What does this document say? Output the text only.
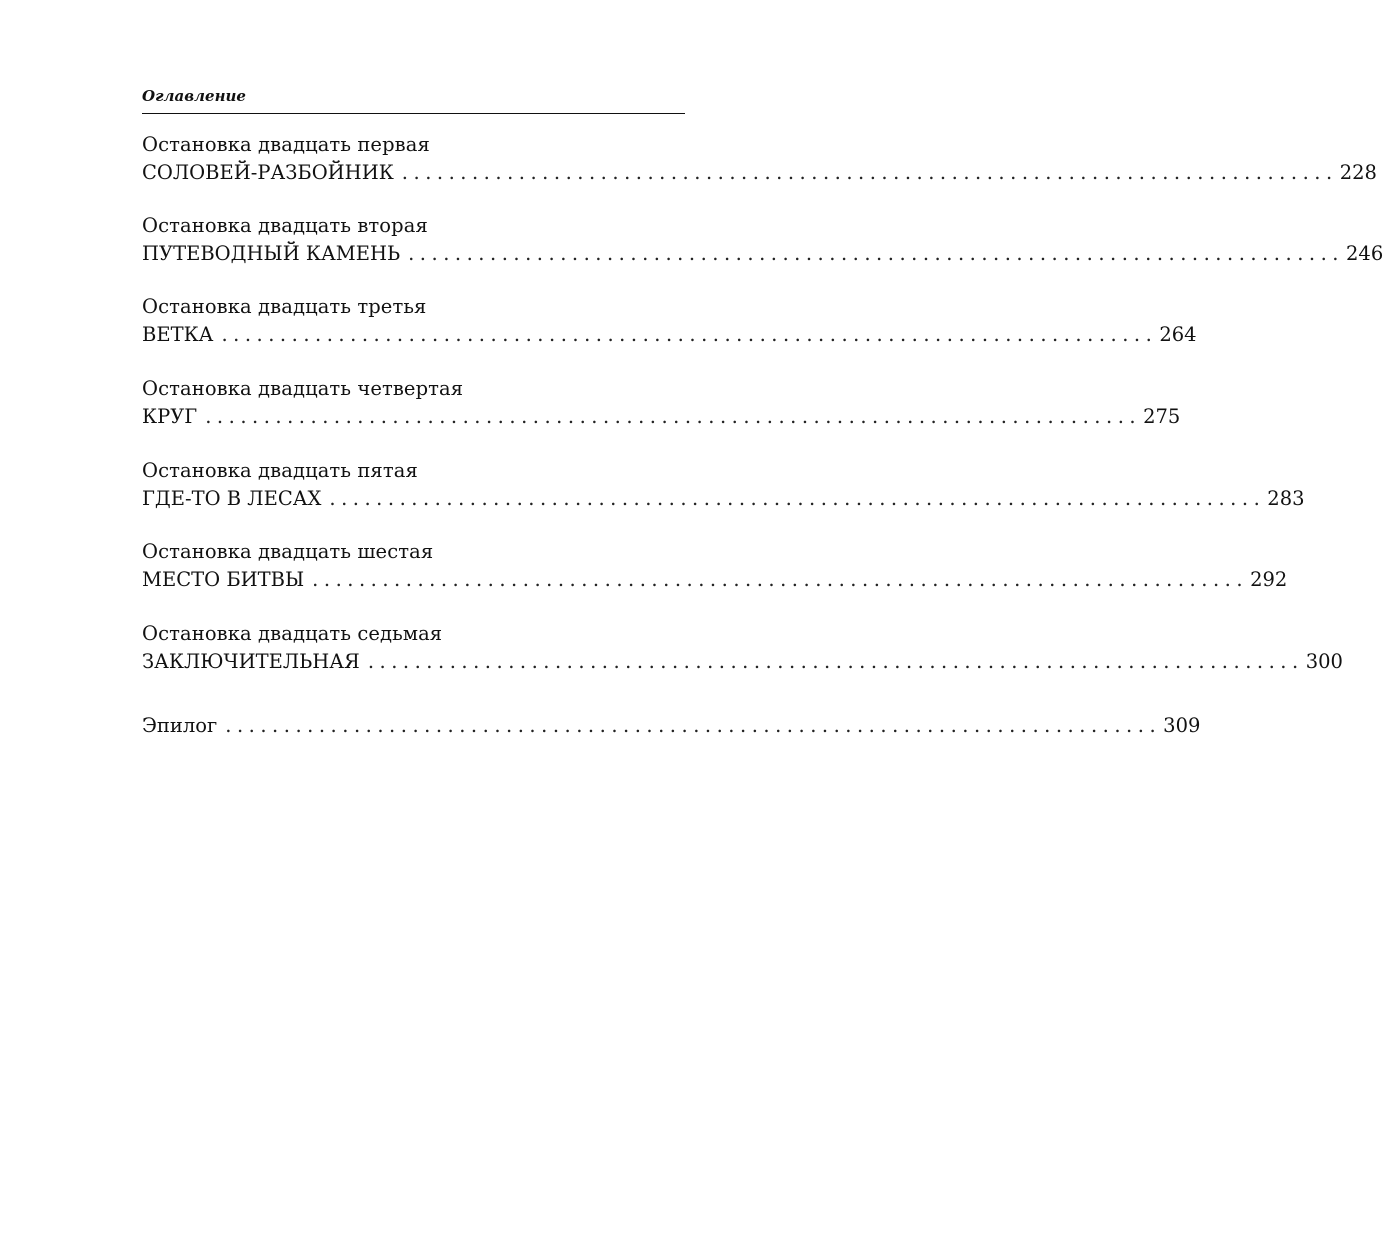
Оглавление
Остановка двадцать первая
СОЛОВЕЙ-РАЗБОЙНИК ................................................................................ 228
Остановка двадцать вторая
ПУТЕВОДНЫЙ КАМЕНЬ ................................................................................ 246
Остановка двадцать третья
ВЕТКА ................................................................................ 264
Остановка двадцать четвертая
КРУГ ................................................................................ 275
Остановка двадцать пятая
ГДЕ-ТО В ЛЕСАХ ................................................................................ 283
Остановка двадцать шестая
МЕСТО БИТВЫ ................................................................................ 292
Остановка двадцать седьмая
ЗАКЛЮЧИТЕЛЬНАЯ ................................................................................ 300
Эпилог ................................................................................ 309
